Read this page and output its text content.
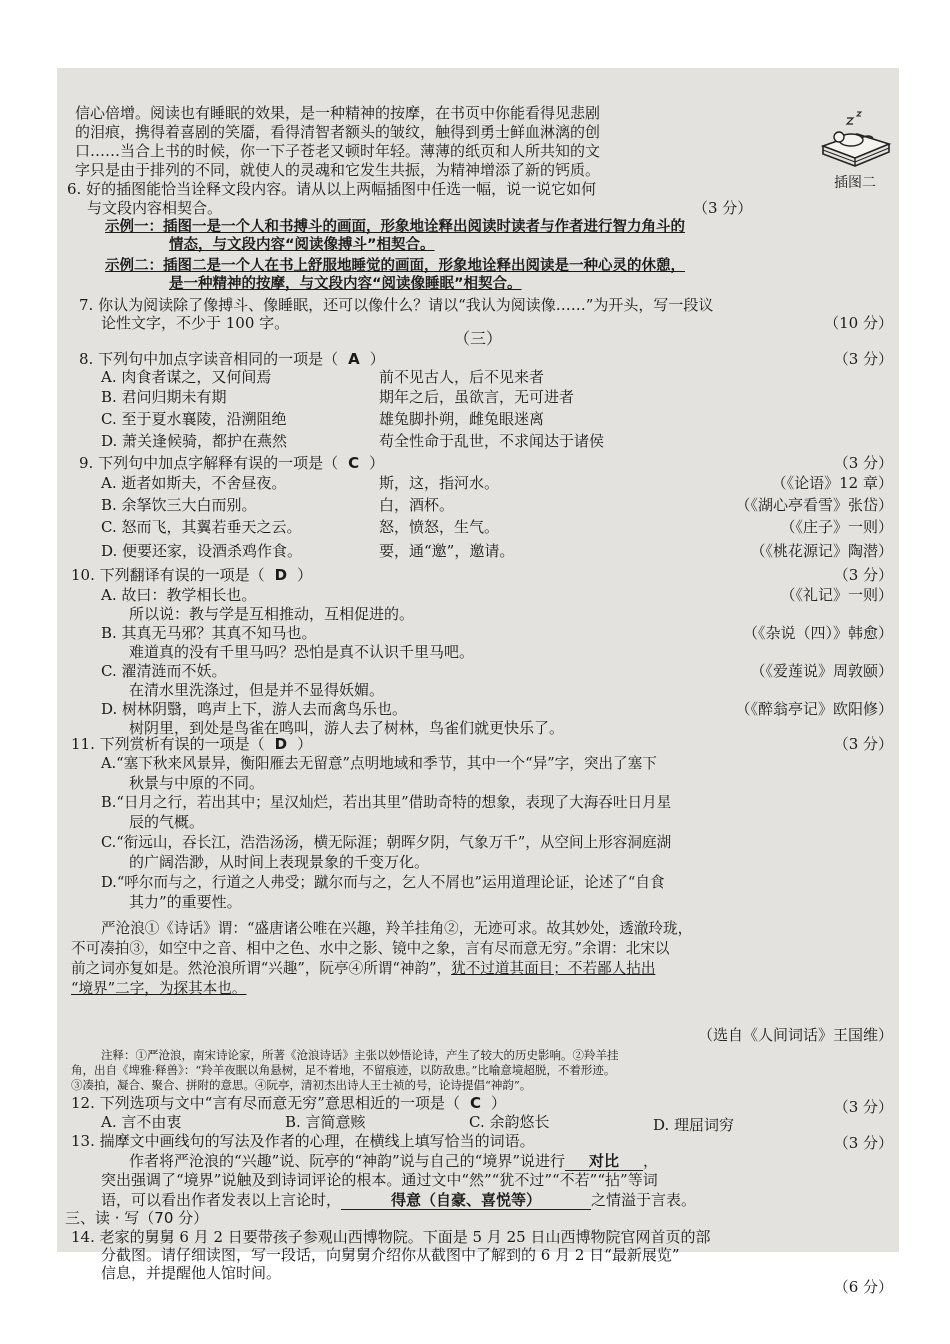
信心倍增。阅读也有睡眠的效果，是一种精神的按摩，在书页中你能看得见悲剧
的泪痕，携得着喜剧的笑靥，看得清智者额头的皱纹，触得到勇士鲜血淋漓的创
口……当合上书的时候，你一下子苍老又顿时年轻。薄薄的纸页和人所共知的文
字只是由于排列的不同，就使人的灵魂和它发生共振，为精神增添了新的钙质。
插图二
6. 好的插图能恰当诠释文段内容。请从以上两幅插图中任选一幅，说一说它如何
与文段内容相契合。	（3 分）
示例一：插图一是一个人和书搏斗的画面，形象地诠释出阅读时读者与作者进行智力角斗的
情态，与文段内容“阅读像搏斗”相契合。
示例二：插图二是一个人在书上舒服地睡觉的画面，形象地诠释出阅读是一种心灵的休憩，
是一种精神的按摩，与文段内容“阅读像睡眠”相契合。
7. 你认为阅读除了像搏斗、像睡眠，还可以像什么？请以“我认为阅读像……”为开头，写一段议
论性文字，不少于 100 字。	（10 分）
（三）
8. 下列句中加点字读音相同的一项是（ A ）	（3 分）
A. 肉食者谋之，又何间焉	前不见古人，后不见来者
B. 君问归期未有期	期年之后，虽欲言，无可进者
C. 至于夏水襄陵，沿溯阻绝	雄兔脚扑朔，雌兔眼迷离
D. 萧关逢候骑，都护在燕然	苟全性命于乱世，不求闻达于诸侯
9. 下列句中加点字解释有误的一项是（ C ）	（3 分）
A. 逝者如斯夫，不舍昼夜。	斯，这，指河水。	（《论语》12 章）
B. 余拏饮三大白而别。	白，酒杯。	（《湖心亭看雪》张岱）
C. 怒而飞，其翼若垂天之云。	怒，愤怒，生气。	（《庄子》一则）
D. 便要还家，设酒杀鸡作食。	要，通“邀”，邀请。	（《桃花源记》陶潜）
10. 下列翻译有误的一项是（ D ）	（3 分）
A. 故曰：教学相长也。	（《礼记》一则）
所以说：教与学是互相推动，互相促进的。
B. 其真无马邪？其真不知马也。	（《杂说（四）》韩愈）
难道真的没有千里马吗？恐怕是真不认识千里马吧。
C. 濯清涟而不妖。	（《爱莲说》周敦颐）
在清水里洗涤过，但是并不显得妖媚。
D. 树林阴翳，鸣声上下，游人去而禽鸟乐也。	（《醉翁亭记》欧阳修）
树阴里，到处是鸟雀在鸣叫，游人去了树林，鸟雀们就更快乐了。
11. 下列赏析有误的一项是（ D ）	（3 分）
A.“塞下秋来风景异，衡阳雁去无留意”点明地域和季节，其中一个“异”字，突出了塞下
秋景与中原的不同。
B.“日月之行，若出其中；星汉灿烂，若出其里”借助奇特的想象，表现了大海吞吐日月星
辰的气概。
C.“衔远山，吞长江，浩浩汤汤，横无际涯；朝晖夕阴，气象万千”，从空间上形容洞庭湖
的广阔浩渺，从时间上表现景象的千变万化。
D.“呼尔而与之，行道之人弗受；蹴尔而与之，乞人不屑也”运用道理论证，论述了“自食
其力”的重要性。
严沧浪①《诗话》谓：“盛唐诸公唯在兴趣，羚羊挂角②，无迹可求。故其妙处，透澈玲珑，
不可凑拍③，如空中之音、相中之色、水中之影、镜中之象，言有尽而意无穷。”余谓：北宋以
前之词亦复如是。然沧浪所谓“兴趣”，阮亭④所谓“神韵”，犹不过道其面目；不若鄙人拈出
“境界”二字，为探其本也。
（选自《人间词话》王国维）
注释：①严沧浪，南宋诗论家，所著《沧浪诗话》主张以妙悟论诗，产生了较大的历史影响。②羚羊挂
角，出自《埤雅·释兽》：“羚羊夜眠以角悬树，足不着地，不留痕迹，以防敌患。”比喻意境超脱，不着形迹。
③凑拍，凝合、聚合、拼附的意思。④阮亭，清初杰出诗人王士祯的号，论诗提倡“神韵”。
12. 下列选项与文中“言有尽而意无穷”意思相近的一项是（ C ）	（3 分）
A. 言不由衷	B. 言简意赅	C. 余韵悠长	D. 理屈词穷
13. 揣摩文中画线句的写法及作者的心理，在横线上填写恰当的词语。	（3 分）
作者将严沧浪的“兴趣”说、阮亭的“神韵”说与自己的“境界”说进行 对比 ，
突出强调了“境界”说触及到诗词评论的根本。通过文中“然”“犹不过”“不若”“拈”等词
语，可以看出作者发表以上言论时，	得意（自豪、喜悦等）	之情溢于言表。
三、读 · 写（70 分）
14. 老家的舅舅 6 月 2 日要带孩子参观山西博物院。下面是 5 月 25 日山西博物院官网首页的部
分截图。请仔细读图，写一段话，向舅舅介绍你从截图中了解到的 6 月 2 日“最新展览”
信息，并提醒他人馆时间。
（6 分）
